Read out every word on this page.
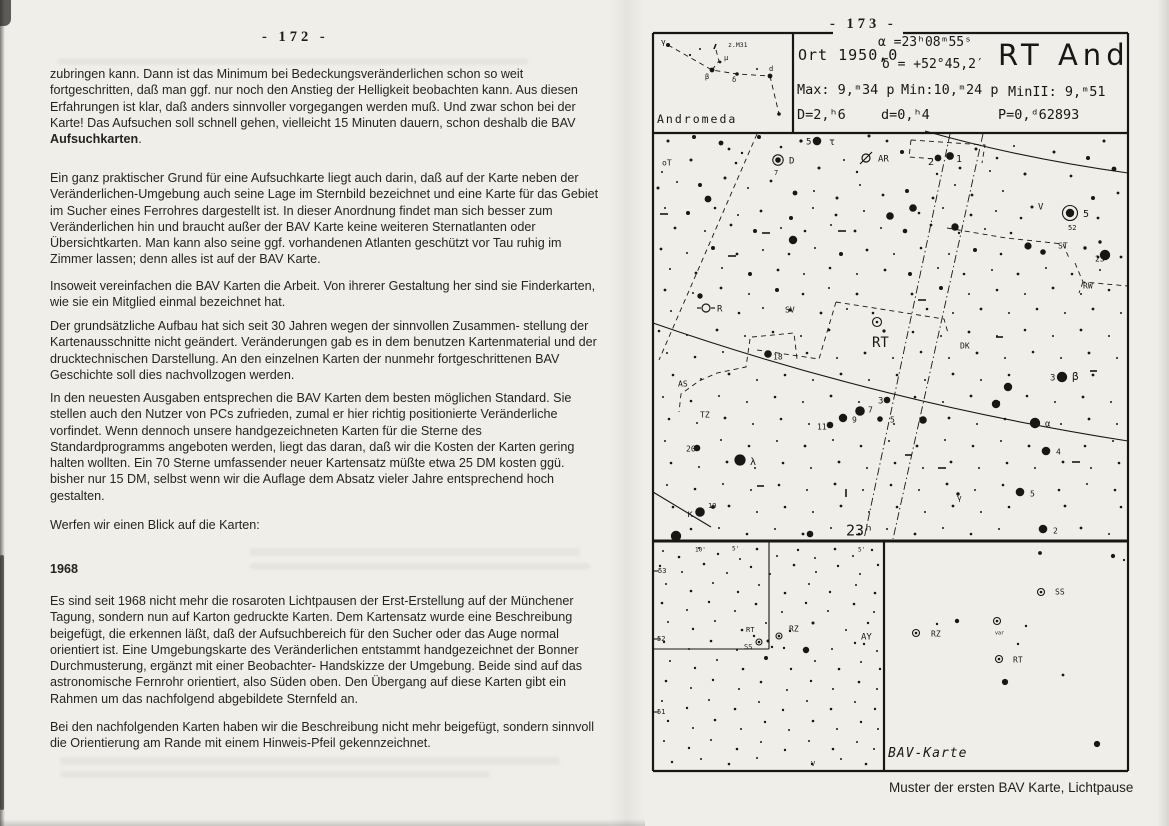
- 172 -
zubringen kann. Dann ist das Minimum bei Bedeckungsveränderlichen schon so weit fortgeschritten, daß man ggf. nur noch den Anstieg der Helligkeit beobachten kann. Aus diesen Erfahrungen ist klar, daß anders sinnvoller vorgegangen werden muß. Und zwar schon bei der Karte! Das Aufsuchen soll schnell gehen, vielleicht 15 Minuten dauern, schon deshalb die BAV Aufsuchkarten.
Ein ganz praktischer Grund für eine Aufsuchkarte liegt auch darin, daß auf der Karte neben der Veränderlichen-Umgebung auch seine Lage im Sternbild bezeichnet und eine Karte für das Gebiet im Sucher eines Ferrohres dargestellt ist. In dieser Anordnung findet man sich besser zum Veränderlichen hin und braucht außer der BAV Karte keine weiteren Sternatlanten oder Übersichtkarten. Man kann also seine ggf. vorhandenen Atlanten geschützt vor Tau ruhig im Zimmer lassen; denn alles ist auf der BAV Karte.
Insoweit vereinfachen die BAV Karten die Arbeit. Von ihrerer Gestaltung her sind sie Finderkarten, wie sie ein Mitglied einmal bezeichnet hat.
Der grundsätzliche Aufbau hat sich seit 30 Jahren wegen der sinnvollen Zusammen- stellung der Kartenausschnitte nicht geändert. Veränderungen gab es in dem benutzen Kartenmaterial und der drucktechnischen Darstellung. An den einzelnen Karten der nunmehr fortgeschrittenen BAV Geschichte soll dies nachvollzogen werden.
In den neuesten Ausgaben entsprechen die BAV Karten dem besten möglichen Standard. Sie stellen auch den Nutzer von PCs zufrieden, zumal er hier richtig positionierte Veränderliche vorfindet. Wenn dennoch unsere handgezeichneten Karten für die Sterne des Standardprogramms angeboten werden, liegt das daran, daß wir die Kosten der Karten gering halten wollten. Ein 70 Sterne umfassender neuer Kartensatz müßte etwa 25 DM kosten ggü. bisher nur 15 DM, selbst wenn wir die Auflage dem Absatz vieler Jahre entsprechend hoch gestalten.
Werfen wir einen Blick auf die Karten:
1968
Es sind seit 1968 nicht mehr die rosaroten Lichtpausen der Erst-Erstellung auf der Münchener Tagung, sondern nun auf Karton gedruckte Karten. Dem Kartensatz wurde eine Beschreibung beigefügt, die erkennen läßt, daß der Aufsuchbereich für den Sucher oder das Auge normal orientiert ist. Eine Umgebungskarte des Veränderlichen entstammt handgezeichnet der Bonner Durchmusterung, ergänzt mit einer Beobachter- Handskizze der Umgebung. Beide sind auf das astronomische Fernrohr orientiert, also Süden oben. Den Übergang auf diese Karten gibt ein Rahmen um das nachfolgend abgebildete Sternfeld an.
Bei den nachfolgenden Karten haben wir die Beschreibung nicht mehr beigefügt, sondern sinnvoll die Orientierung am Rande mit einem Hinweis-Pfeil gekennzeichnet.
- 173 -
oT	D
7
5 τ
AR	2 1
V
5
52
ST
23
RW
R	SV
RT	DK
18
AS
TZ
20
λ
19
κ
9
7
11
3
5
3 β
α
4
5
2
γ
23ʰ
53
52
51
10'	5'	5'
RT
SS
RZ
AY
V
RZ
SS
RT
var
γ	z.M31
μ
β	δ
d
Ort 1950,0
α =23ʰ08ᵐ55ˢ
δ = +52°45,2′ RT And
Max: 9,ᵐ34 p Min:10,ᵐ24 p MinII: 9,ᵐ51
D=2,ʰ6	d=0,ʰ4	P=0,ᵈ62893
Andromeda
BAV-Karte
Muster der ersten BAV Karte, Lichtpause
